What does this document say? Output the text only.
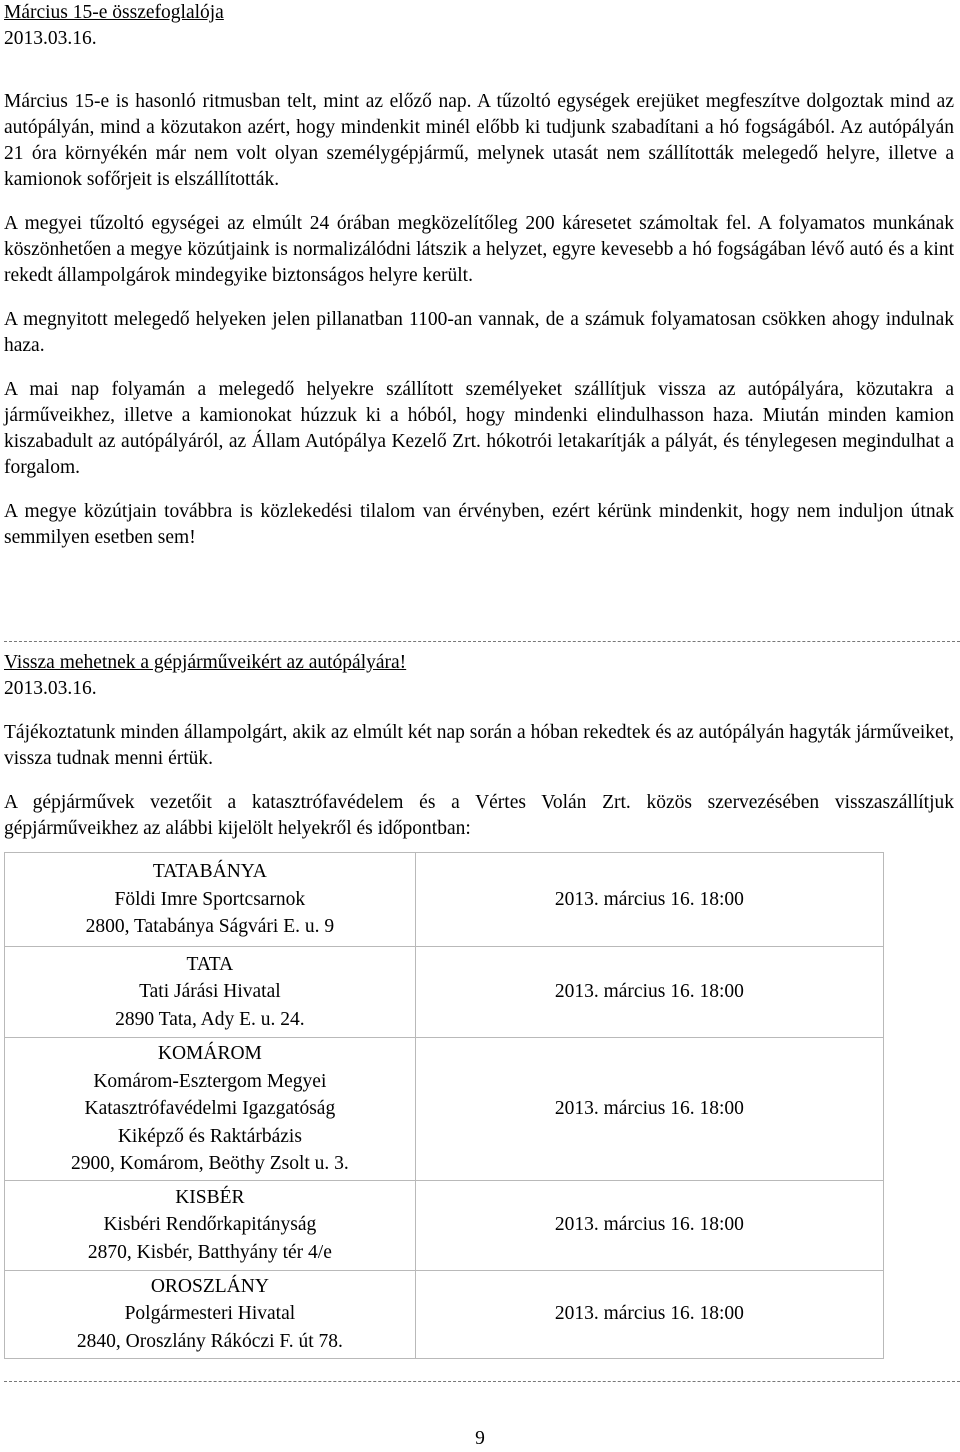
Március 15-e összefoglalója
2013.03.16.

Március 15-e is hasonló ritmusban telt, mint az előző nap. A tűzoltó egységek erejüket megfeszítve dolgoztak mind az autópályán, mind a közutakon azért, hogy mindenkit minél előbb ki tudjunk szabadítani a hó fogságából. Az autópályán 21 óra környékén már nem volt olyan személygépjármű, melynek utasát nem szállították melegedő helyre, illetve a kamionok sofőrjeit is elszállították.

A megyei tűzoltó egységei az elmúlt 24 órában megközelítőleg 200 káresetet számoltak fel. A folyamatos munkának köszönhetően a megye közútjaink is normalizálódni látszik a helyzet, egyre kevesebb a hó fogságában lévő autó és a kint rekedt állampolgárok mindegyike biztonságos helyre került.

A megnyitott melegedő helyeken jelen pillanatban 1100-an vannak, de a számuk folyamatosan csökken ahogy indulnak haza.

A mai nap folyamán a melegedő helyekre szállított személyeket szállítjuk vissza az autópályára, közutakra a járműveikhez, illetve a kamionokat húzzuk ki a hóból, hogy mindenki elindulhasson haza. Miután minden kamion kiszabadult az autópályáról, az Állam Autópálya Kezelő Zrt. hókotrói letakarítják a pályát, és ténylegesen megindulhat a forgalom.

A megye közútjain továbbra is közlekedési tilalom van érvényben, ezért kérünk mindenkit, hogy nem induljon útnak semmilyen esetben sem!

Vissza mehetnek a gépjárműveikért az autópályára!
2013.03.16.

Tájékoztatunk minden állampolgárt, akik az elmúlt két nap során a hóban rekedtek és az autópályán hagyták járműveiket, vissza tudnak menni értük.

A gépjárművek vezetőit a katasztrófavédelem és a Vértes Volán Zrt. közös szervezésében visszaszállítjuk gépjárműveikhez az alábbi kijelölt helyekről és időpontban:

TATABÁNYA
Földi Imre Sportcsarnok
2800, Tatabánya Ságvári E. u. 9	2013. március 16. 18:00

TATA
Tati Járási Hivatal
2890 Tata, Ady E. u. 24.	2013. március 16. 18:00

KOMÁROM
Komárom-Esztergom Megyei
Katasztrófavédelmi Igazgatóság
Kiképző és Raktárbázis
2900, Komárom, Beöthy Zsolt u. 3.	2013. március 16. 18:00

KISBÉR
Kisbéri Rendőrkapitányság
2870, Kisbér, Batthyány tér 4/e	2013. március 16. 18:00

OROSZLÁNY
Polgármesteri Hivatal
2840, Oroszlány Rákóczi F. út 78.	2013. március 16. 18:00
9
